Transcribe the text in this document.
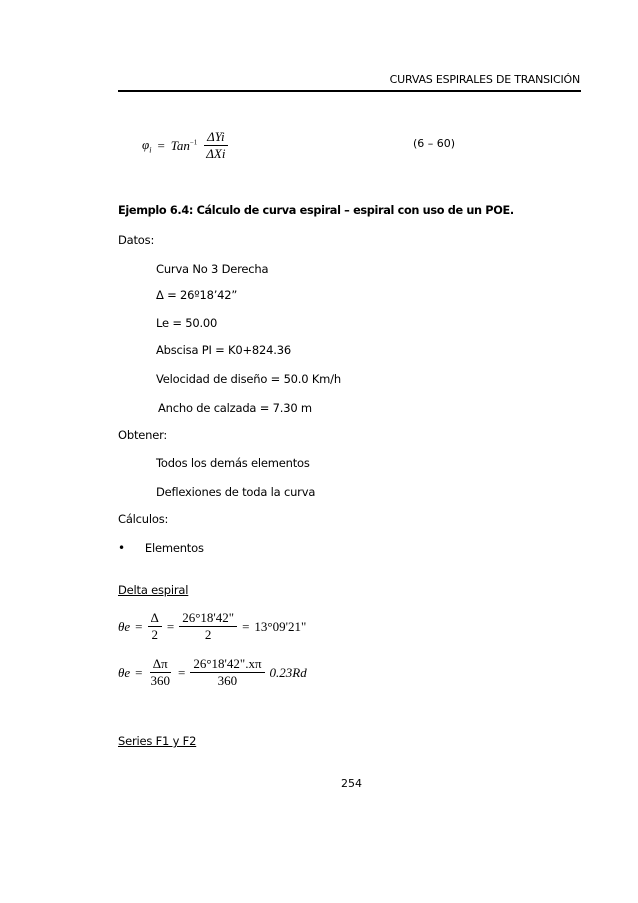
CURVAS ESPIRALES DE TRANSICIÓN
$\varphi_i = Tan^{-1} \frac{\text{ΔYi}}{\text{ΔXi}}$	(6 – 60)
Ejemplo 6.4: Cálculo de curva espiral – espiral con uso de un POE.
Datos:
Curva No 3 Derecha
Δ = 26º18’42”
Le = 50.00
Abscisa PI = K0+824.36
Velocidad de diseño = 50.0 Km/h
Ancho de calzada = 7.30 m
Obtener:
Todos los demás elementos
Deflexiones de toda la curva
Cálculos:
• Elementos
Delta espiral
$\theta e = \frac{\Delta}{2} = \frac{26^\circ 18'42"}{2} = 13^\circ 09'21$"
$\theta e = \frac{\Delta\pi}{360} = \frac{26^\circ 18'42".x\pi}{360} 0.23Rd$
Series F1 y F2
254
